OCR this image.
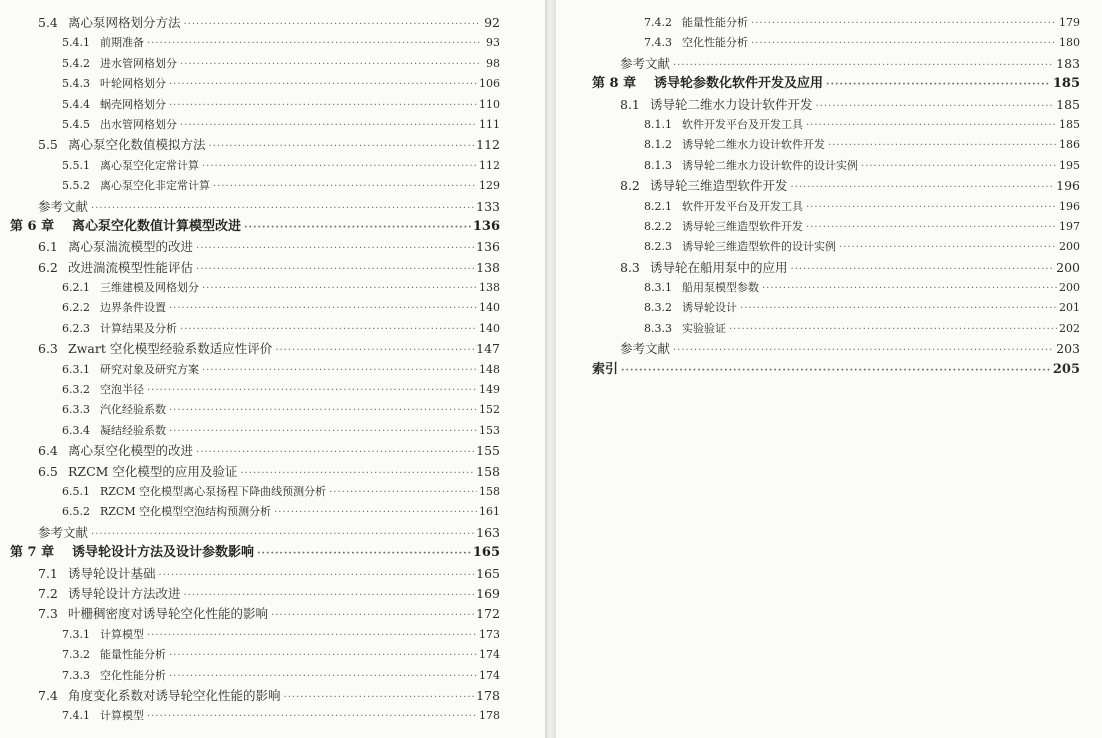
5.4 离心泵网格划分方法 ·····	92
5.4.1 前期准备 ·····	93
5.4.2 进水管网格划分 ·····	98
5.4.3 叶轮网格划分 ·····	106
5.4.4 蜗壳网格划分 ·····	110
5.4.5 出水管网格划分 ·····	111
5.5 离心泵空化数值模拟方法 ·····	112
5.5.1 离心泵空化定常计算 ·····	112
5.5.2 离心泵空化非定常计算 ·····	129
参考文献 ·····	133
第 6 章	离心泵空化数值计算模型改进 ·····	136
6.1 离心泵湍流模型的改进 ·····	136
6.2 改进湍流模型性能评估 ·····	138
6.2.1 三维建模及网格划分 ·····	138
6.2.2 边界条件设置 ·····	140
6.2.3 计算结果及分析 ·····	140
6.3 Zwart 空化模型经验系数适应性评价 ·····	147
6.3.1 研究对象及研究方案 ·····	148
6.3.2 空泡半径 ·····	149
6.3.3 汽化经验系数 ·····	152
6.3.4 凝结经验系数 ·····	153
6.4 离心泵空化模型的改进 ·····	155
6.5 RZCM 空化模型的应用及验证 ·····	158
6.5.1 RZCM 空化模型离心泵扬程下降曲线预测分析 ·····	158
6.5.2 RZCM 空化模型空泡结构预测分析 ·····	161
参考文献 ·····	163
第 7 章	诱导轮设计方法及设计参数影响 ·····	165
7.1 诱导轮设计基础 ·····	165
7.2 诱导轮设计方法改进 ·····	169
7.3 叶栅稠密度对诱导轮空化性能的影响 ·····	172
7.3.1 计算模型 ·····	173
7.3.2 能量性能分析 ·····	174
7.3.3 空化性能分析 ·····	174
7.4 角度变化系数对诱导轮空化性能的影响 ·····	178
7.4.1 计算模型 ·····	178
7.4.2 能量性能分析 ·····	179
7.4.3 空化性能分析 ·····	180
参考文献 ·····	183
第 8 章	诱导轮参数化软件开发及应用 ·····	185
8.1 诱导轮二维水力设计软件开发 ·····	185
8.1.1 软件开发平台及开发工具 ·····	185
8.1.2 诱导轮二维水力设计软件开发 ·····	186
8.1.3 诱导轮二维水力设计软件的设计实例 ·····	195
8.2 诱导轮三维造型软件开发 ·····	196
8.2.1 软件开发平台及开发工具 ·····	196
8.2.2 诱导轮三维造型软件开发 ·····	197
8.2.3 诱导轮三维造型软件的设计实例 ·····	200
8.3 诱导轮在船用泵中的应用 ·····	200
8.3.1 船用泵模型参数 ·····	200
8.3.2 诱导轮设计 ·····	201
8.3.3 实验验证 ·····	202
参考文献 ·····	203
索引 ·····	205
